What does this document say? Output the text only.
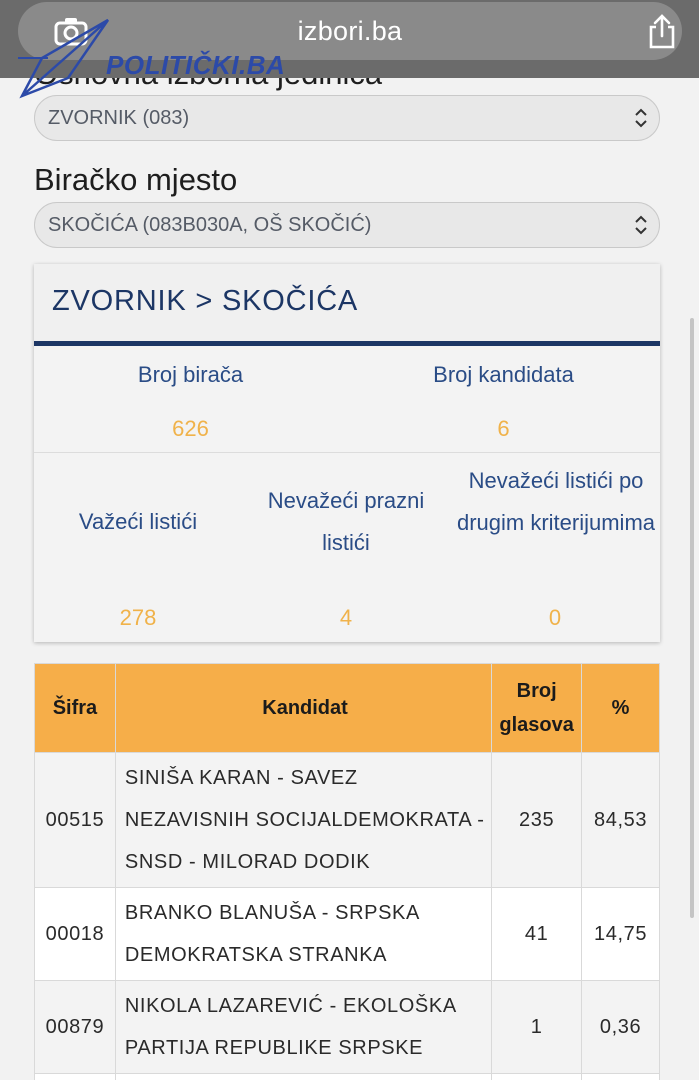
izbori.ba
POLITIČKI.BA
ZVORNIK (083)
Biračko mjesto
SKOČIĆA (083B030A, OŠ SKOČIĆ)
ZVORNIK > SKOČIĆA
Broj birača
626
Broj kandidata
6
Važeći listići
278
Nevažeći prazni listići
4
Nevažeći listići po drugim kriterijumima
0
Šifra	Kandidat	Broj glasova	%
00515	SINIŠA KARAN - SAVEZ NEZAVISNIH SOCIJALDEMOKRATA - SNSD - MILORAD DODIK	235	84,53
00018	BRANKO BLANUŠA - SRPSKA DEMOKRATSKA STRANKA	41	14,75
00879	NIKOLA LAZAREVIĆ - EKOLOŠKA PARTIJA REPUBLIKE SRPSKE	1	0,36
